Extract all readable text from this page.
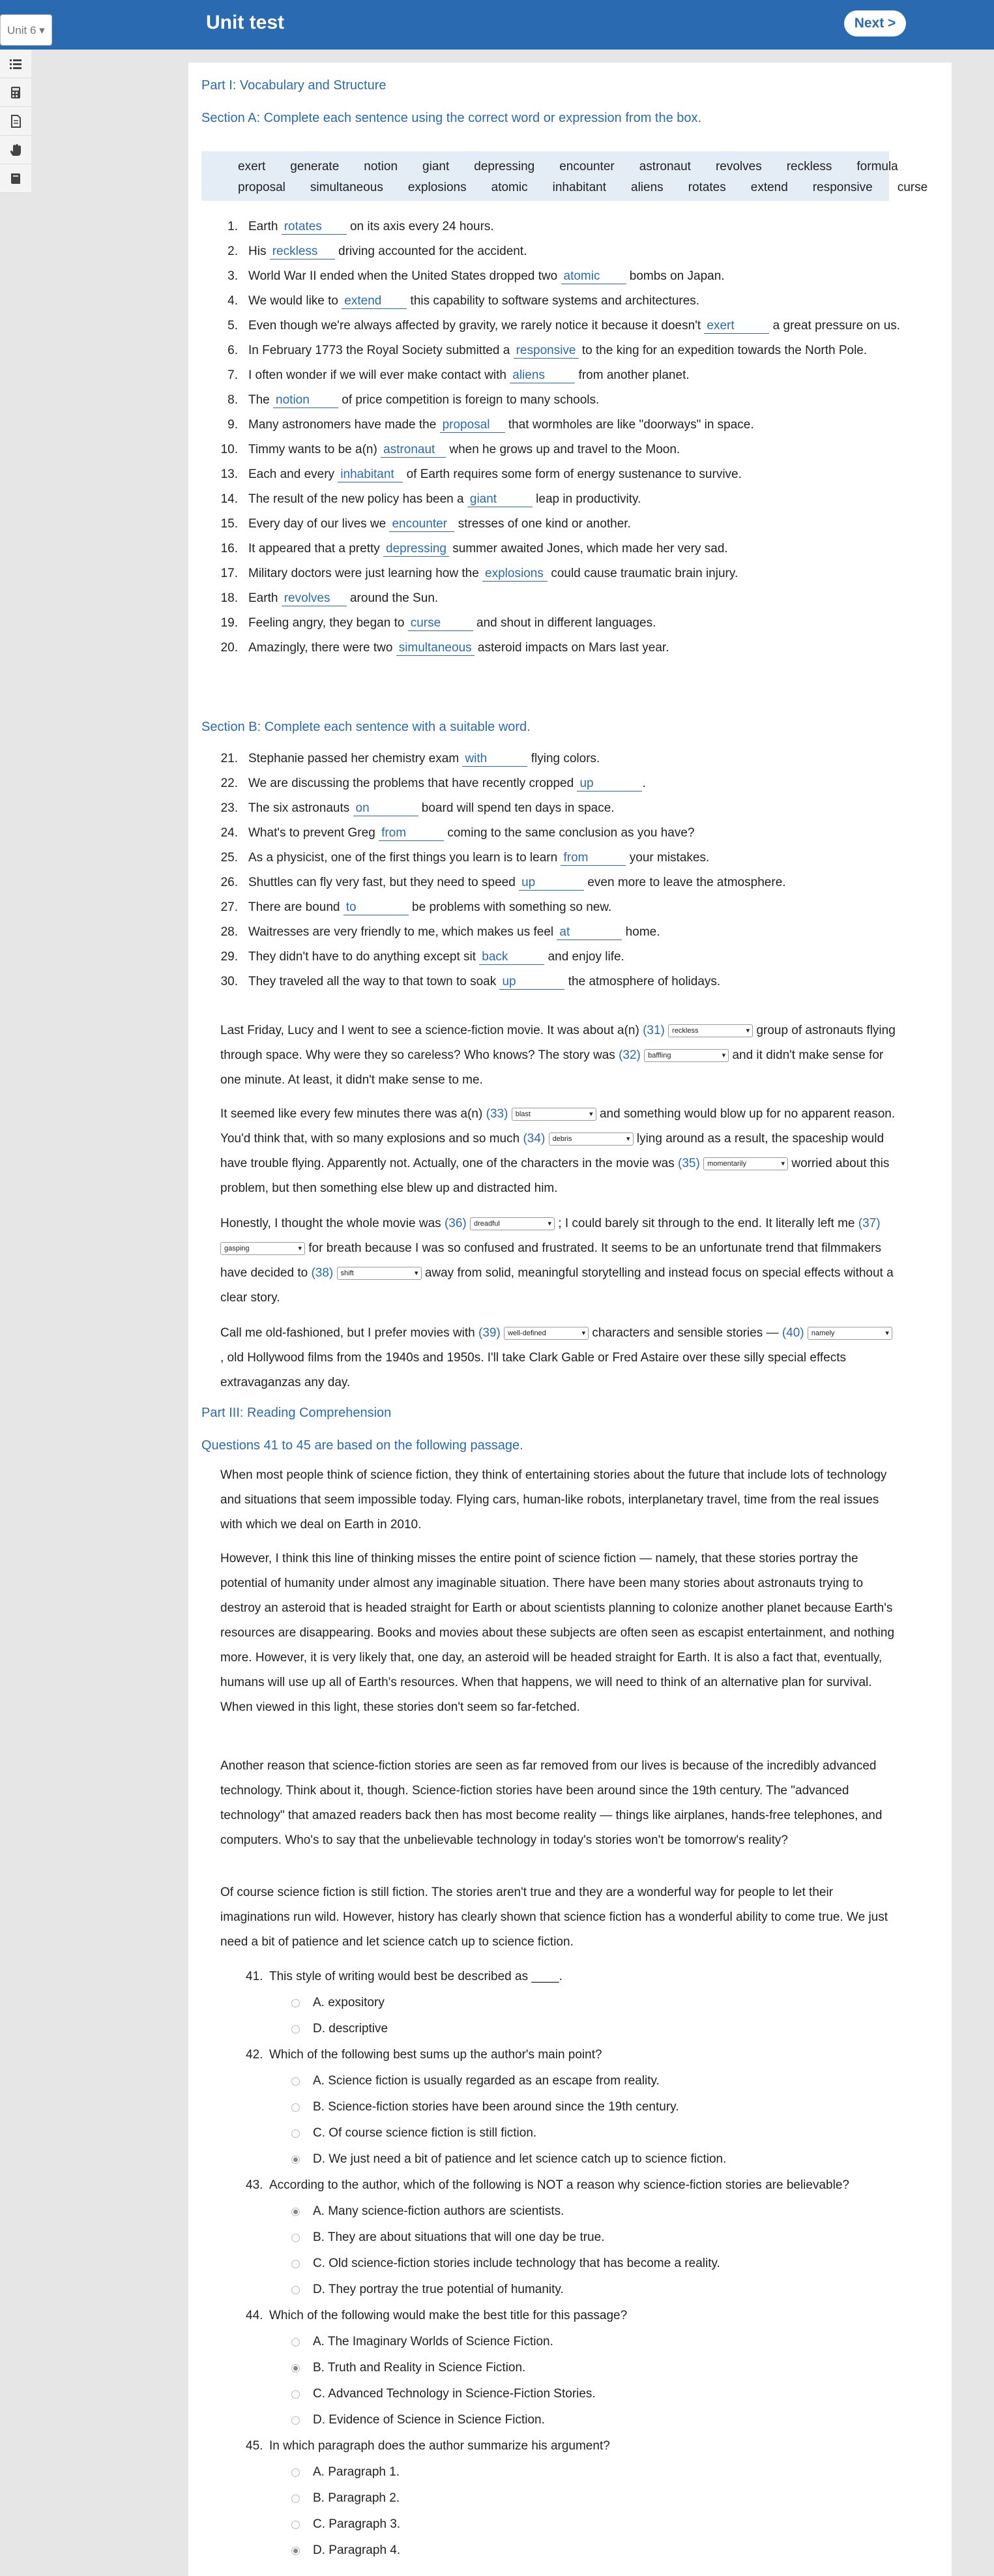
Unit 6 ▾	Unit test	Next >
Part I: Vocabulary and Structure
Section A: Complete each sentence using the correct word or expression from the box.
exert generate notion giant depressing encounter astronaut revolves reckless formula
proposal simultaneous explosions atomic inhabitant aliens rotates extend responsive curse
1. Earth rotates on its axis every 24 hours.
2. His reckless driving accounted for the accident.
3. World War II ended when the United States dropped two atomic bombs on Japan.
4. We would like to extend this capability to software systems and architectures.
5. Even though we're always affected by gravity, we rarely notice it because it doesn't exert	a great pressure on us.
6. In February 1773 the Royal Society submitted a responsive to the king for an expedition towards the North Pole.
7. I often wonder if we will ever make contact with aliens from another planet.
8. The notion of price competition is foreign to many schools.
9. Many astronomers have made the proposal that wormholes are like "doorways" in space.
10. Timmy wants to be a(n) astronaut when he grows up and travel to the Moon.
13. Each and every inhabitant of Earth requires some form of energy sustenance to survive.
14. The result of the new policy has been a giant	leap in productivity.
15. Every day of our lives we encounter stresses of one kind or another.
16. It appeared that a pretty depressing summer awaited Jones, which made her very sad.
17. Military doctors were just learning how the explosions could cause traumatic brain injury.
18. Earth revolves around the Sun.
19. Feeling angry, they began to curse	and shout in different languages.
20. Amazingly, there were two simultaneous asteroid impacts on Mars last year.
Section B: Complete each sentence with a suitable word.
21. Stephanie passed her chemistry exam with	flying colors.
22. We are discussing the problems that have recently cropped up	.
23. The six astronauts on	board will spend ten days in space.
24. What's to prevent Greg from	coming to the same conclusion as you have?
25. As a physicist, one of the first things you learn is to learn from	your mistakes.
26. Shuttles can fly very fast, but they need to speed up	even more to leave the atmosphere.
27. There are bound to	be problems with something so new.
28. Waitresses are very friendly to me, which makes us feel at	home.
29. They didn't have to do anything except sit back	and enjoy life.
30. They traveled all the way to that town to soak up	the atmosphere of holidays.
Last Friday, Lucy and I went to see a science-fiction movie. It was about a(n) (31) reckless ▾	group of astronauts flying through space. Why were they so careless? Who knows? The story was (32) baffling ▾	and it didn't make sense for one minute. At least, it didn't make sense to me.
It seemed like every few minutes there was a(n) (33) blast ▾	and something would blow up for no apparent reason. You'd think that, with so many explosions and so much (34) debris ▾	lying around as a result, the spaceship would have trouble flying. Apparently not. Actually, one of the characters in the movie was (35) momentarily ▾	worried about this problem, but then something else blew up and distracted him.
Honestly, I thought the whole movie was (36) dreadful ▾	; I could barely sit through to the end. It literally left me (37) gasping ▾	for breath because I was so confused and frustrated. It seems to be an unfortunate trend that filmmakers have decided to (38) shift ▾	away from solid, meaningful storytelling and instead focus on special effects without a clear story.
Call me old-fashioned, but I prefer movies with (39) well-defined ▾	characters and sensible stories — (40) namely ▾ , old Hollywood films from the 1940s and 1950s. I'll take Clark Gable or Fred Astaire over these silly special effects extravaganzas any day.
Part III: Reading Comprehension
Questions 41 to 45 are based on the following passage.
When most people think of science fiction, they think of entertaining stories about the future that include lots of technology and situations that seem impossible today. Flying cars, human-like robots, interplanetary travel, time from the real issues with which we deal on Earth in 2010.
However, I think this line of thinking misses the entire point of science fiction — namely, that these stories portray the potential of humanity under almost any imaginable situation. There have been many stories about astronauts trying to destroy an asteroid that is headed straight for Earth or about scientists planning to colonize another planet because Earth's resources are disappearing. Books and movies about these subjects are often seen as escapist entertainment, and nothing more. However, it is very likely that, one day, an asteroid will be headed straight for Earth. It is also a fact that, eventually, humans will use up all of Earth's resources. When that happens, we will need to think of an alternative plan for survival. When viewed in this light, these stories don't seem so far-fetched.
Another reason that science-fiction stories are seen as far removed from our lives is because of the incredibly advanced technology. Think about it, though. Science-fiction stories have been around since the 19th century. The "advanced technology" that amazed readers back then has most become reality — things like airplanes, hands-free telephones, and computers. Who's to say that the unbelievable technology in today's stories won't be tomorrow's reality?
Of course science fiction is still fiction. The stories aren't true and they are a wonderful way for people to let their imaginations run wild. However, history has clearly shown that science fiction has a wonderful ability to come true. We just need a bit of patience and let science catch up to science fiction.
41. This style of writing would best be described as ____.
A. expository
D. descriptive
42. Which of the following best sums up the author's main point?
A. Science fiction is usually regarded as an escape from reality.
B. Science-fiction stories have been around since the 19th century.
C. Of course science fiction is still fiction.
D. We just need a bit of patience and let science catch up to science fiction.
43. According to the author, which of the following is NOT a reason why science-fiction stories are believable?
A. Many science-fiction authors are scientists.
B. They are about situations that will one day be true.
C. Old science-fiction stories include technology that has become a reality.
D. They portray the true potential of humanity.
44. Which of the following would make the best title for this passage?
A. The Imaginary Worlds of Science Fiction.
B. Truth and Reality in Science Fiction.
C. Advanced Technology in Science-Fiction Stories.
D. Evidence of Science in Science Fiction.
45. In which paragraph does the author summarize his argument?
A. Paragraph 1.
B. Paragraph 2.
C. Paragraph 3.
D. Paragraph 4.
